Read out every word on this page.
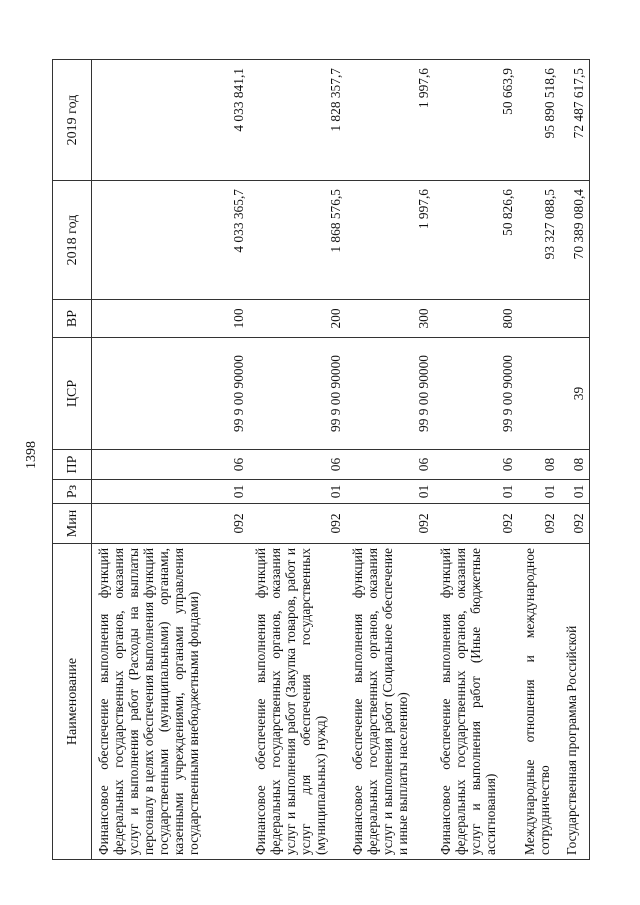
1398
Наименование	Мин	Рз	ПР	ЦСР	ВР	2018 год	2019 год
Финансовое обеспечение выполнения функций федеральных государственных органов, оказания услуг и выполнения работ (Расходы на выплаты персоналу в целях обеспечения выполнения функций государственными (муниципальными) органами, казенными учреждениями, органами управления государственными внебюджетными фондами)	092	01	06	99 9 00 90000	100	4 033 365,7	4 033 841,1
Финансовое обеспечение выполнения функций федеральных государственных органов, оказания услуг и выполнения работ (Закупка товаров, работ и услуг для обеспечения государственных (муниципальных) нужд)	092	01	06	99 9 00 90000	200	1 868 576,5	1 828 357,7
Финансовое обеспечение выполнения функций федеральных государственных органов, оказания услуг и выполнения работ (Социальное обеспечение и иные выплаты населению)	092	01	06	99 9 00 90000	300	1 997,6	1 997,6
Финансовое обеспечение выполнения функций федеральных государственных органов, оказания услуг и выполнения работ (Иные бюджетные ассигнования)	092	01	06	99 9 00 90000	800	50 826,6	50 663,9
Международные отношения и международное сотрудничество	092	01	08			93 327 088,5	95 890 518,6
Государственная программа Российской	092	01	08	39		70 389 080,4	72 487 617,5
